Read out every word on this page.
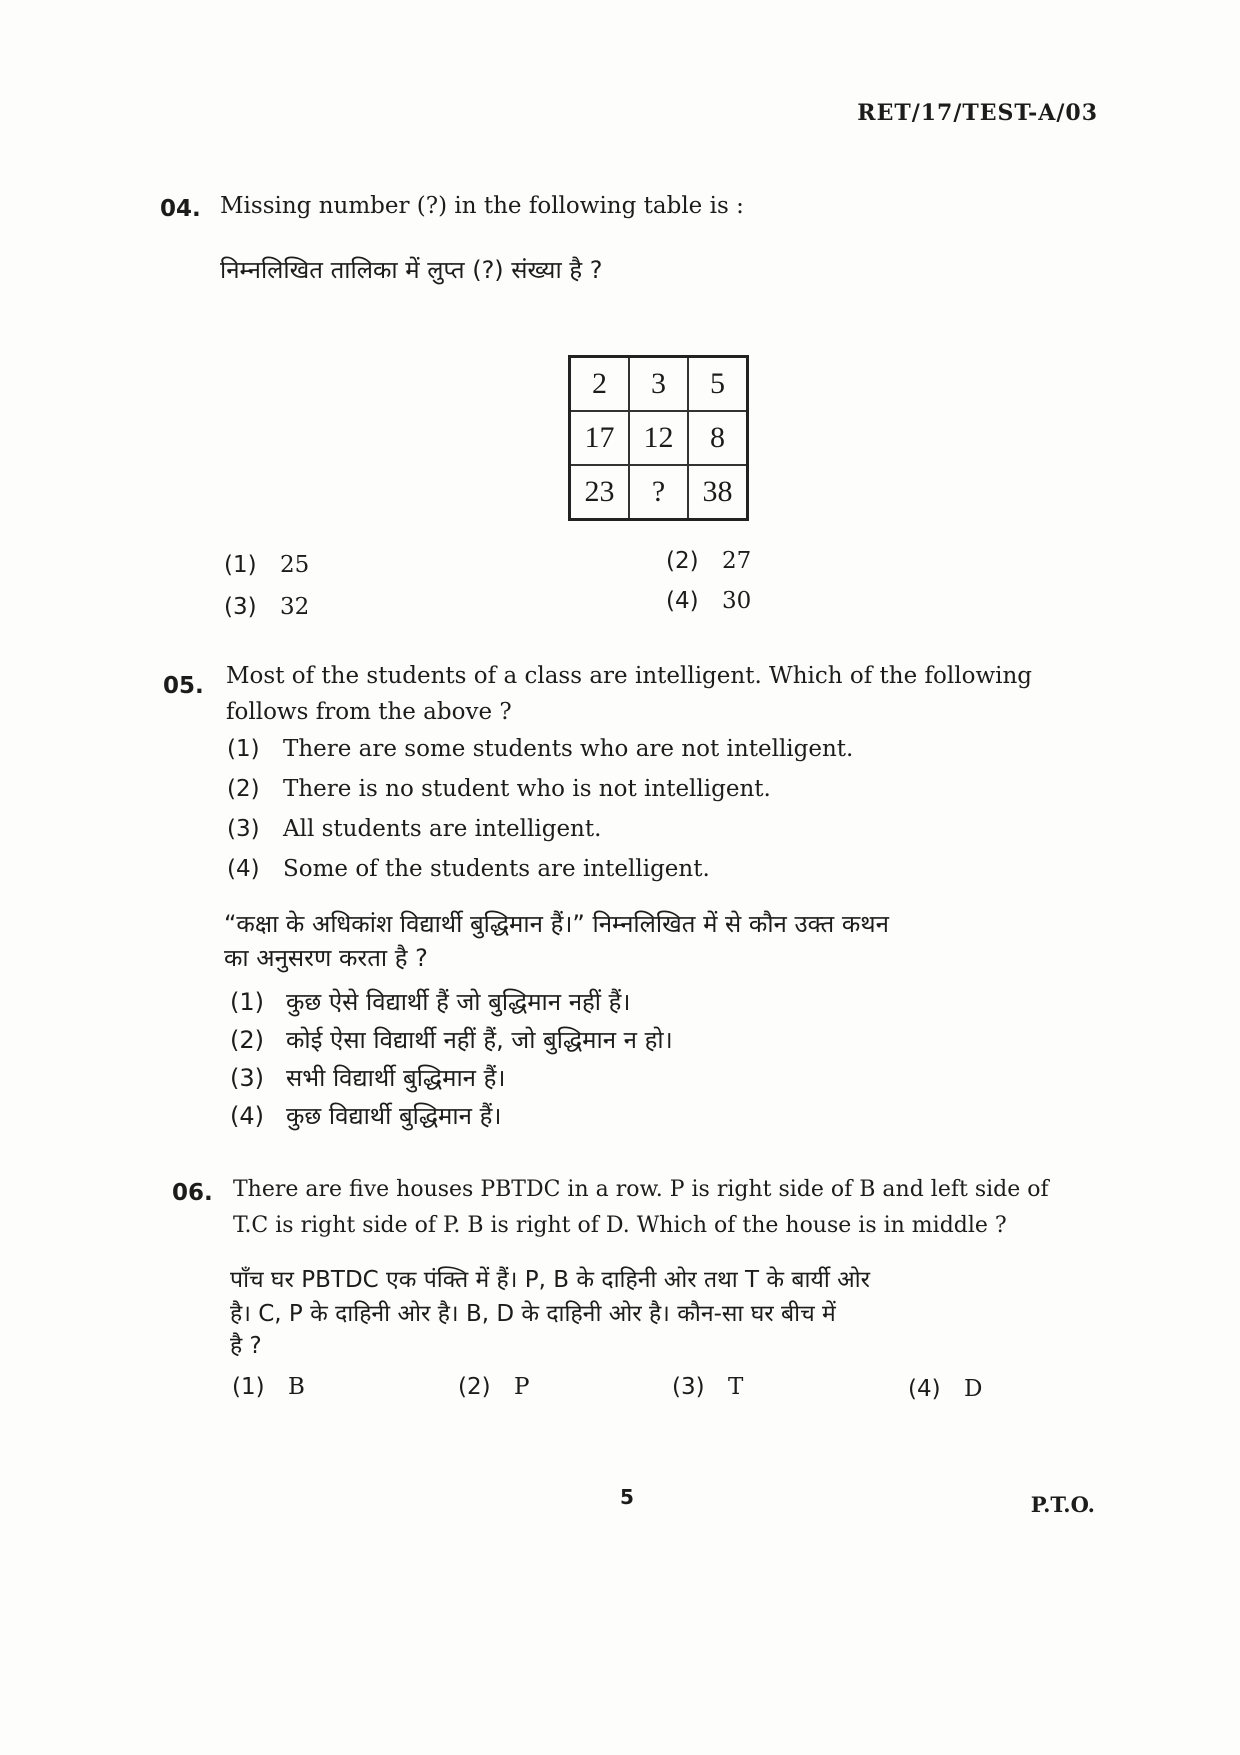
RET/17/TEST-A/03
04. Missing number (?) in the following table is :
निम्नलिखित तालिका में लुप्त (?) संख्या है ?
2	3	5
17	12	8
23	?	38
(1) 25	(2) 27
(3) 32	(4) 30
05. Most of the students of a class are intelligent. Which of the following
follows from the above ?
(1) There are some students who are not intelligent.
(2) There is no student who is not intelligent.
(3) All students are intelligent.
(4) Some of the students are intelligent.
“कक्षा के अधिकांश विद्यार्थी बुद्धिमान हैं।” निम्नलिखित में से कौन उक्त कथन
का अनुसरण करता है ?
(1) कुछ ऐसे विद्यार्थी हैं जो बुद्धिमान नहीं हैं।
(2) कोई ऐसा विद्यार्थी नहीं हैं, जो बुद्धिमान न हो।
(3) सभी विद्यार्थी बुद्धिमान हैं।
(4) कुछ विद्यार्थी बुद्धिमान हैं।
06. There are five houses PBTDC in a row. P is right side of B and left side of
T.C is right side of P. B is right of D. Which of the house is in middle ?
पाँच घर PBTDC एक पंक्ति में हैं। P, B के दाहिनी ओर तथा T के बार्यी ओर
है। C, P के दाहिनी ओर है। B, D के दाहिनी ओर है। कौन-सा घर बीच में
है ?
(1) B	(2) P	(3) T	(4) D
5	P.T.O.
